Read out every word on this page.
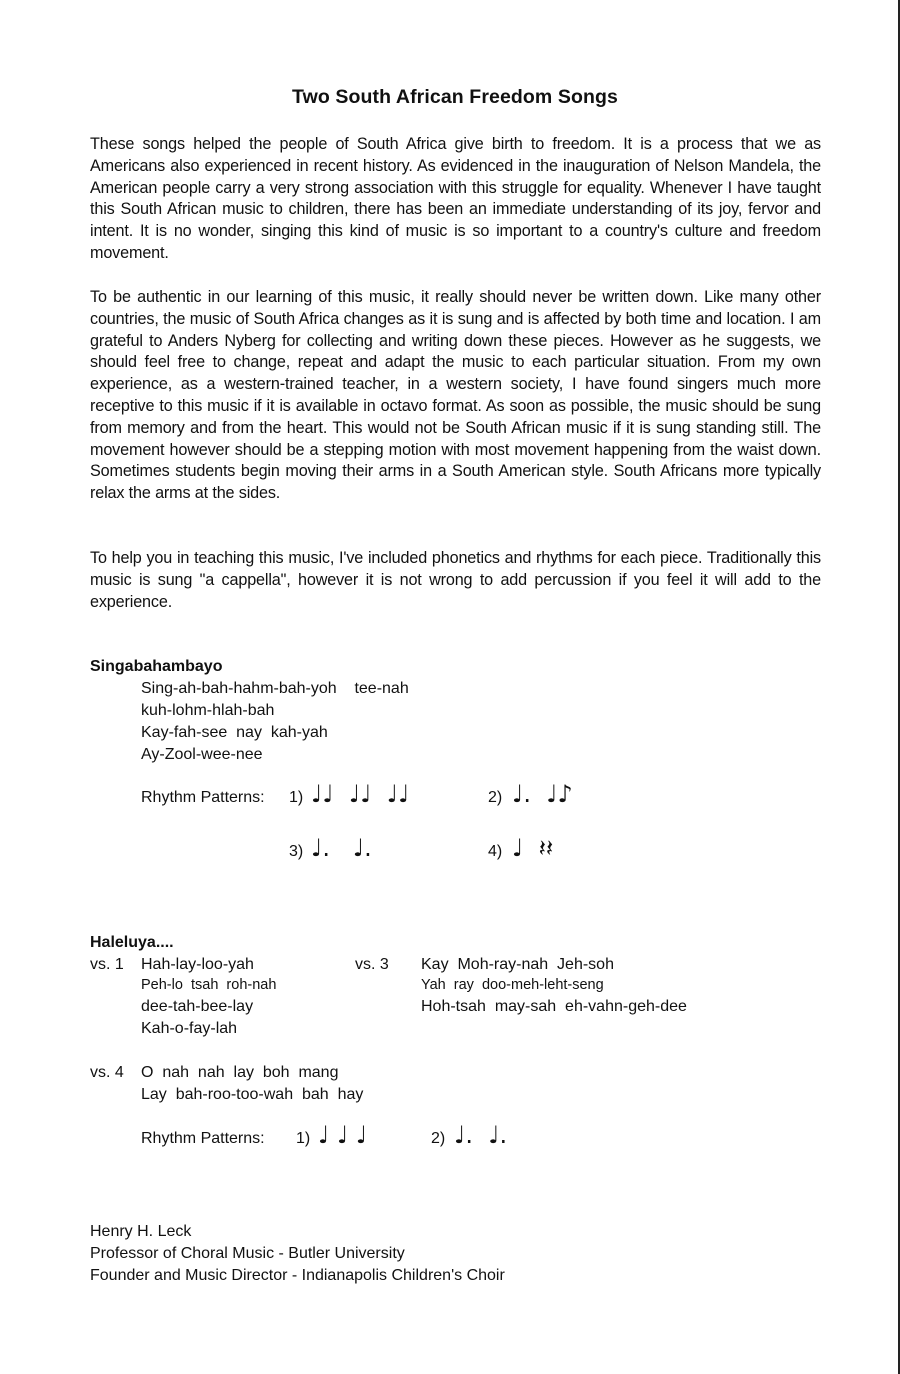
Two South African Freedom Songs
These songs helped the people of South Africa give birth to freedom. It is a process that we as Americans also experienced in recent history. As evidenced in the inauguration of Nelson Mandela, the American people carry a very strong association with this struggle for equality. Whenever I have taught this South African music to children, there has been an immediate understanding of its joy, fervor and intent. It is no wonder, singing this kind of music is so important to a country's culture and freedom movement.
To be authentic in our learning of this music, it really should never be written down. Like many other countries, the music of South Africa changes as it is sung and is affected by both time and location. I am grateful to Anders Nyberg for collecting and writing down these pieces. However as he suggests, we should feel free to change, repeat and adapt the music to each particular situation. From my own experience, as a western-trained teacher, in a western society, I have found singers much more receptive to this music if it is available in octavo format. As soon as possible, the music should be sung from memory and from the heart. This would not be South African music if it is sung standing still. The movement however should be a stepping motion with most movement happening from the waist down. Sometimes students begin moving their arms in a South American style. South Africans more typically relax the arms at the sides.
To help you in teaching this music, I've included phonetics and rhythms for each piece. Traditionally this music is sung "a cappella", however it is not wrong to add percussion if you feel it will add to the experience.
Singabahambayo
Sing-ah-bah-hahm-bah-yoh    tee-nah
kuh-lohm-hlah-bah
Kay-fah-see  nay  kah-yah
Ay-Zool-wee-nee
Rhythm Patterns: 1) ♩♩  ♩♩  ♩♩	2) ♩.  ♩♪
3) ♩.   ♩.	4) ♩  𝄽𝄽
Haleluya....
vs. 1 Hah-lay-loo-yah
Peh-lo  tsah  roh-nah
dee-tah-bee-lay
Kah-o-fay-lah
vs. 3 Kay  Moh-ray-nah  Jeh-soh
Yah  ray  doo-meh-leht-seng
Hoh-tsah  may-sah  eh-vahn-geh-dee
vs. 4 O  nah  nah  lay  boh  mang
Lay  bah-roo-too-wah  bah  hay
Rhythm Patterns: 1) ♩ ♩ ♩	2) ♩.  ♩.
Henry H. Leck
Professor of Choral Music - Butler University
Founder and Music Director - Indianapolis Children's Choir
